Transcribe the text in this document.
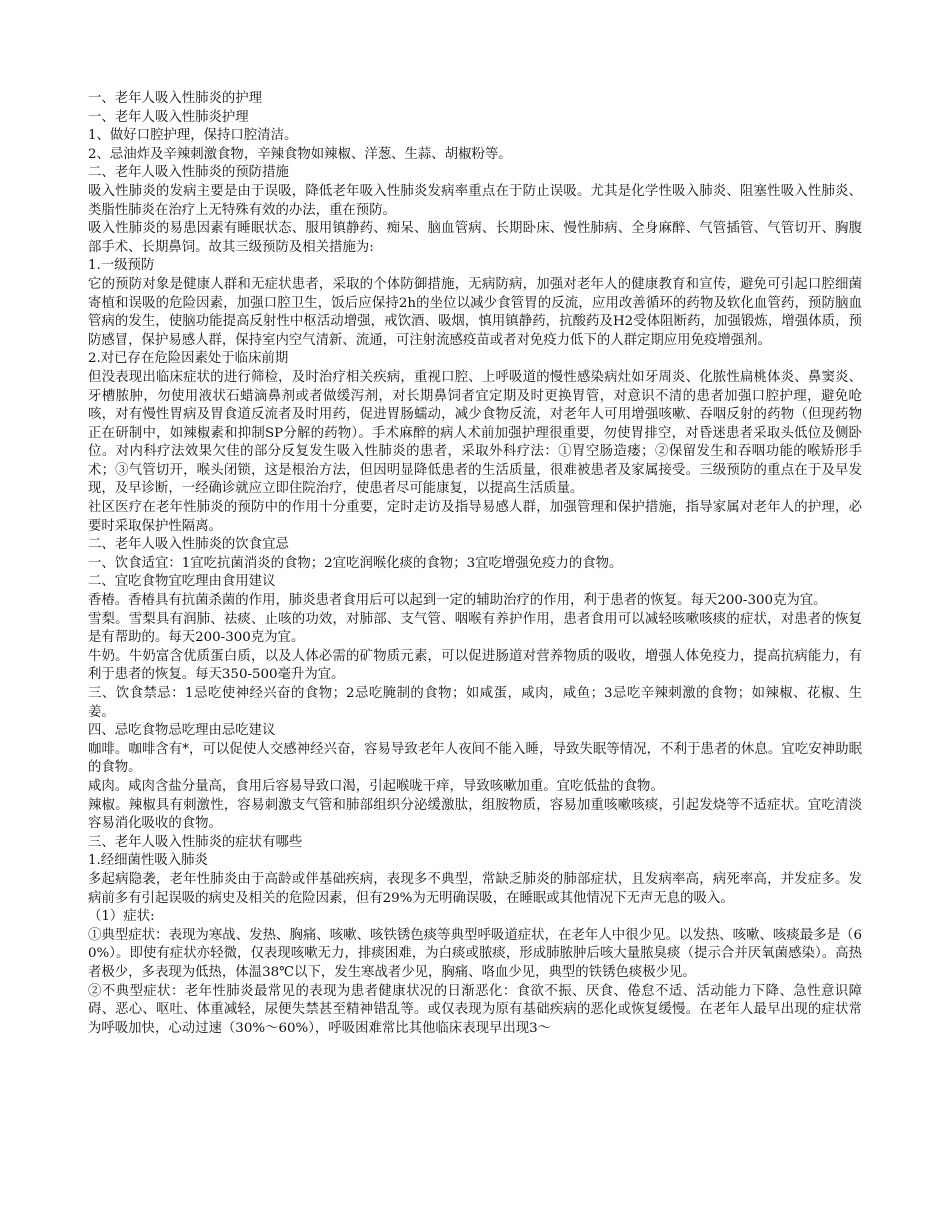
一、老年人吸入性肺炎的护理

一、老年人吸入性肺炎护理

1、做好口腔护理，保持口腔清洁。

2、忌油炸及辛辣刺激食物，辛辣食物如辣椒、洋葱、生蒜、胡椒粉等。

二、老年人吸入性肺炎的预防措施

吸入性肺炎的发病主要是由于误吸，降低老年吸入性肺炎发病率重点在于防止误吸。尤其是化学性吸入肺炎、阻塞性吸入性肺炎、类脂性肺炎在治疗上无特殊有效的办法，重在预防。

吸入性肺炎的易患因素有睡眠状态、服用镇静药、痴呆、脑血管病、长期卧床、慢性肺病、全身麻醉、气管插管、气管切开、胸腹部手术、长期鼻饲。故其三级预防及相关措施为:

1.一级预防

它的预防对象是健康人群和无症状患者，采取的个体防御措施，无病防病，加强对老年人的健康教育和宣传，避免可引起口腔细菌寄植和误吸的危险因素，加强口腔卫生，饭后应保持2h的坐位以减少食管胃的反流，应用改善循环的药物及软化血管药，预防脑血管病的发生，使脑功能提高反射性中枢活动增强，戒饮酒、吸烟，慎用镇静药，抗酸药及H2受体阻断药，加强锻炼，增强体质，预防感冒，保护易感人群，保持室内空气清新、流通，可注射流感疫苗或者对免疫力低下的人群定期应用免疫增强剂。

2.对已存在危险因素处于临床前期

但没表现出临床症状的进行筛检，及时治疗相关疾病，重视口腔、上呼吸道的慢性感染病灶如牙周炎、化脓性扁桃体炎、鼻窦炎、牙槽脓肿，勿使用液状石蜡滴鼻剂或者做缓泻剂，对长期鼻饲者宜定期及时更换胃管，对意识不清的患者加强口腔护理，避免呛咳，对有慢性胃病及胃食道反流者及时用药，促进胃肠蠕动，减少食物反流，对老年人可用增强咳嗽、吞咽反射的药物（但现药物正在研制中，如辣椒素和抑制SP分解的药物）。手术麻醉的病人术前加强护理很重要，勿使胃排空，对昏迷患者采取头低位及侧卧位。对内科疗法效果欠佳的部分反复发生吸入性肺炎的患者，采取外科疗法：①胃空肠造瘘；②保留发生和吞咽功能的喉矫形手术；③气管切开，喉头闭锁，这是根治方法，但因明显降低患者的生活质量，很难被患者及家属接受。三级预防的重点在于及早发现，及早诊断，一经确诊就应立即住院治疗，使患者尽可能康复，以提高生活质量。

社区医疗在老年性肺炎的预防中的作用十分重要，定时走访及指导易感人群，加强管理和保护措施，指导家属对老年人的护理，必要时采取保护性隔离。

二、老年人吸入性肺炎的饮食宜忌

一、饮食适宜：1宜吃抗菌消炎的食物；2宜吃润喉化痰的食物；3宜吃增强免疫力的食物。

二、宜吃食物宜吃理由食用建议

香椿。香椿具有抗菌杀菌的作用，肺炎患者食用后可以起到一定的辅助治疗的作用，利于患者的恢复。每天200-300克为宜。

雪梨。雪梨具有润肺、祛痰、止咳的功效，对肺部、支气管、咽喉有养护作用，患者食用可以减轻咳嗽咳痰的症状，对患者的恢复是有帮助的。每天200-300克为宜。

牛奶。牛奶富含优质蛋白质，以及人体必需的矿物质元素，可以促进肠道对营养物质的吸收，增强人体免疫力，提高抗病能力，有利于患者的恢复。每天350-500毫升为宜。

三、饮食禁忌：1忌吃使神经兴奋的食物；2忌吃腌制的食物；如咸蛋，咸肉，咸鱼；3忌吃辛辣刺激的食物；如辣椒、花椒、生姜。

四、忌吃食物忌吃理由忌吃建议

咖啡。咖啡含有*，可以促使人交感神经兴奋，容易导致老年人夜间不能入睡，导致失眠等情况，不利于患者的休息。宜吃安神助眠的食物。

咸肉。咸肉含盐分量高，食用后容易导致口渴，引起喉咙干痒，导致咳嗽加重。宜吃低盐的食物。

辣椒。辣椒具有刺激性，容易刺激支气管和肺部组织分泌缓激肽，组胺物质，容易加重咳嗽咳痰，引起发烧等不适症状。宜吃清淡容易消化吸收的食物。

三、老年人吸入性肺炎的症状有哪些

1.经细菌性吸入肺炎

多起病隐袭，老年性肺炎由于高龄或伴基础疾病，表现多不典型，常缺乏肺炎的肺部症状，且发病率高，病死率高，并发症多。发病前多有引起误吸的病史及相关的危险因素，但有29%为无明确误吸，在睡眠或其他情况下无声无息的吸入。

（1）症状:

①典型症状：表现为寒战、发热、胸痛、咳嗽、咳铁锈色痰等典型呼吸道症状，在老年人中很少见。以发热、咳嗽、咳痰最多是（60%）。即使有症状亦轻微，仅表现咳嗽无力，排痰困难，为白痰或脓痰，形成肺脓肿后咳大量脓臭痰（提示合并厌氧菌感染）。高热者极少，多表现为低热，体温38℃以下，发生寒战者少见，胸痛、咯血少见，典型的铁锈色痰极少见。

②不典型症状：老年性肺炎最常见的表现为患者健康状况的日渐恶化：食欲不振、厌食、倦怠不适、活动能力下降、急性意识障碍、恶心、呕吐、体重减轻，尿便失禁甚至精神错乱等。或仅表现为原有基础疾病的恶化或恢复缓慢。在老年人最早出现的症状常为呼吸加快，心动过速（30%～60%），呼吸困难常比其他临床表现早出现3～
